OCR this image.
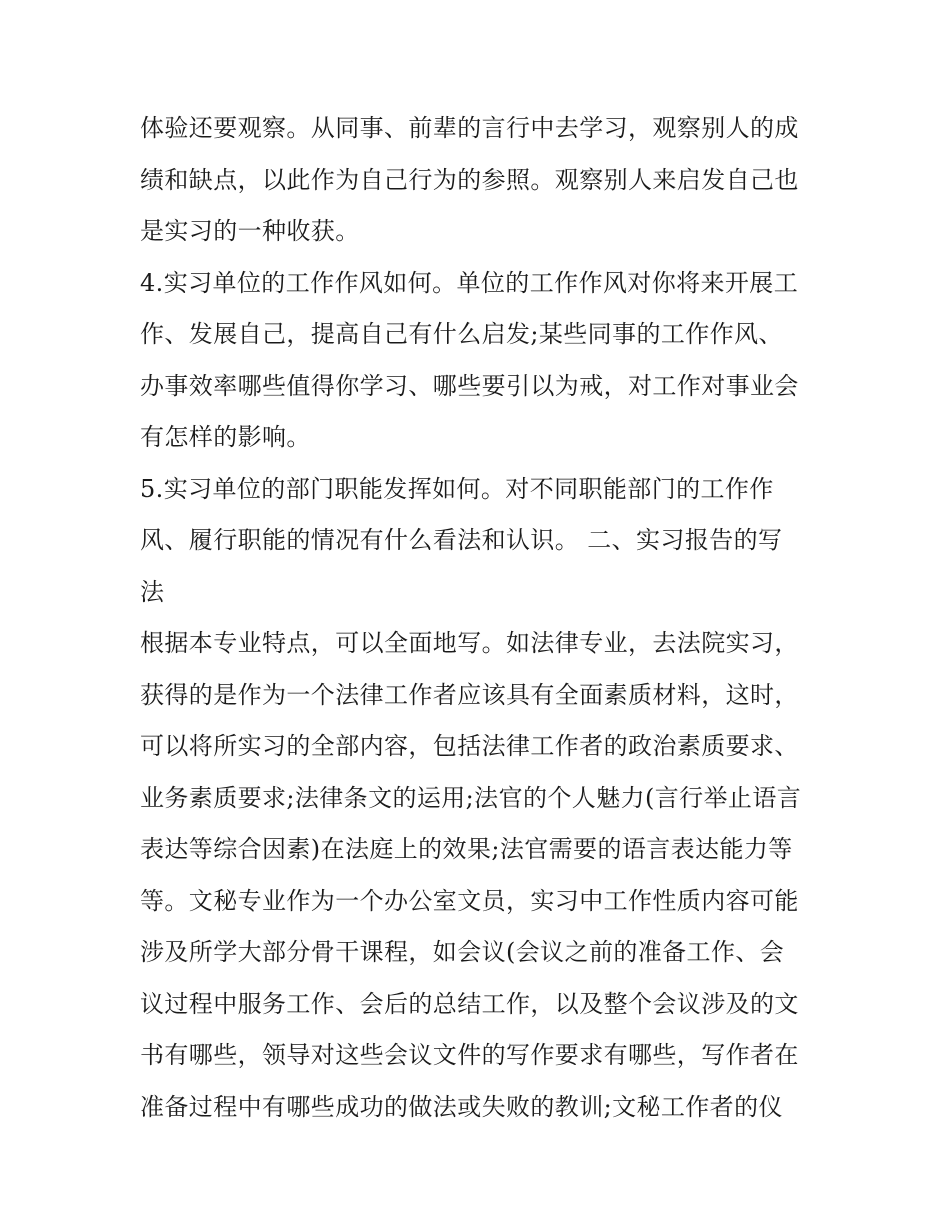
体验还要观察。从同事、前辈的言行中去学习，观察别人的成
绩和缺点，以此作为自己行为的参照。观察别人来启发自己也
是实习的一种收获。
4.实习单位的工作作风如何。单位的工作作风对你将来开展工
作、发展自己，提高自己有什么启发;某些同事的工作作风、
办事效率哪些值得你学习、哪些要引以为戒，对工作对事业会
有怎样的影响。
5.实习单位的部门职能发挥如何。对不同职能部门的工作作
风、履行职能的情况有什么看法和认识。 二、实习报告的写
法
根据本专业特点，可以全面地写。如法律专业，去法院实习，
获得的是作为一个法律工作者应该具有全面素质材料，这时，
可以将所实习的全部内容，包括法律工作者的政治素质要求、
业务素质要求;法律条文的运用;法官的个人魅力(言行举止语言
表达等综合因素)在法庭上的效果;法官需要的语言表达能力等
等。文秘专业作为一个办公室文员，实习中工作性质内容可能
涉及所学大部分骨干课程，如会议(会议之前的准备工作、会
议过程中服务工作、会后的总结工作，以及整个会议涉及的文
书有哪些，领导对这些会议文件的写作要求有哪些，写作者在
准备过程中有哪些成功的做法或失败的教训;文秘工作者的仪
